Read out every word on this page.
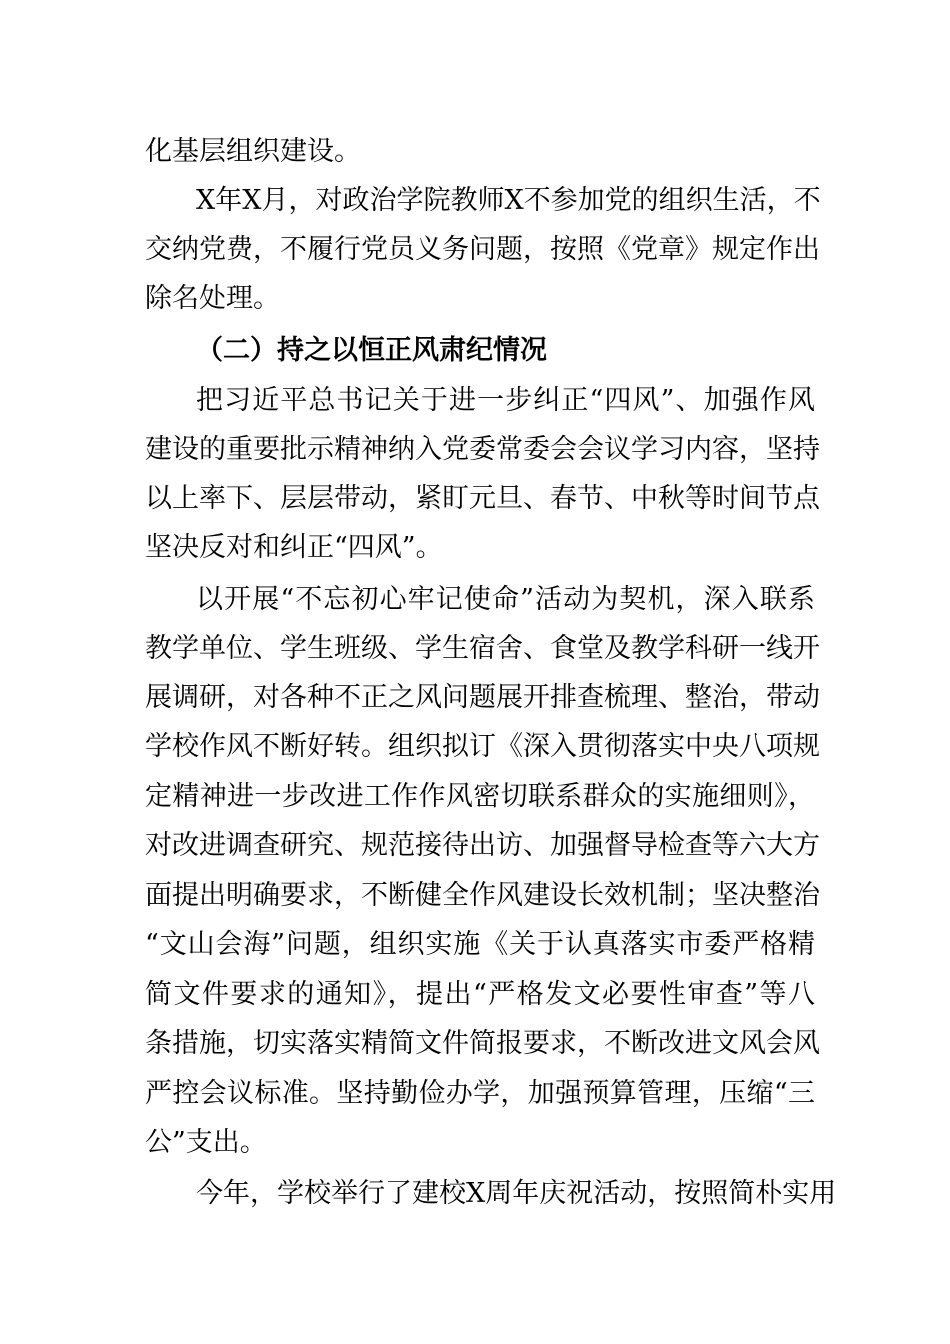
化基层组织建设。
X年X月，对政治学院教师X不参加党的组织生活，不
交纳党费，不履行党员义务问题，按照《党章》规定作出
除名处理。
（二）持之以恒正风肃纪情况
把习近平总书记关于进一步纠正“四风”、加强作风
建设的重要批示精神纳入党委常委会会议学习内容，坚持
以上率下、层层带动，紧盯元旦、春节、中秋等时间节点
坚决反对和纠正“四风”。
以开展“不忘初心牢记使命”活动为契机，深入联系
教学单位、学生班级、学生宿舍、食堂及教学科研一线开
展调研，对各种不正之风问题展开排查梳理、整治，带动
学校作风不断好转。组织拟订《深入贯彻落实中央八项规
定精神进一步改进工作作风密切联系群众的实施细则》，
对改进调查研究、规范接待出访、加强督导检查等六大方
面提出明确要求，不断健全作风建设长效机制；坚决整治
“文山会海”问题，组织实施《关于认真落实市委严格精
简文件要求的通知》，提出“严格发文必要性审查”等八
条措施，切实落实精简文件简报要求，不断改进文风会风
严控会议标准。坚持勤俭办学，加强预算管理，压缩“三
公”支出。
今年，学校举行了建校X周年庆祝活动，按照简朴实用
